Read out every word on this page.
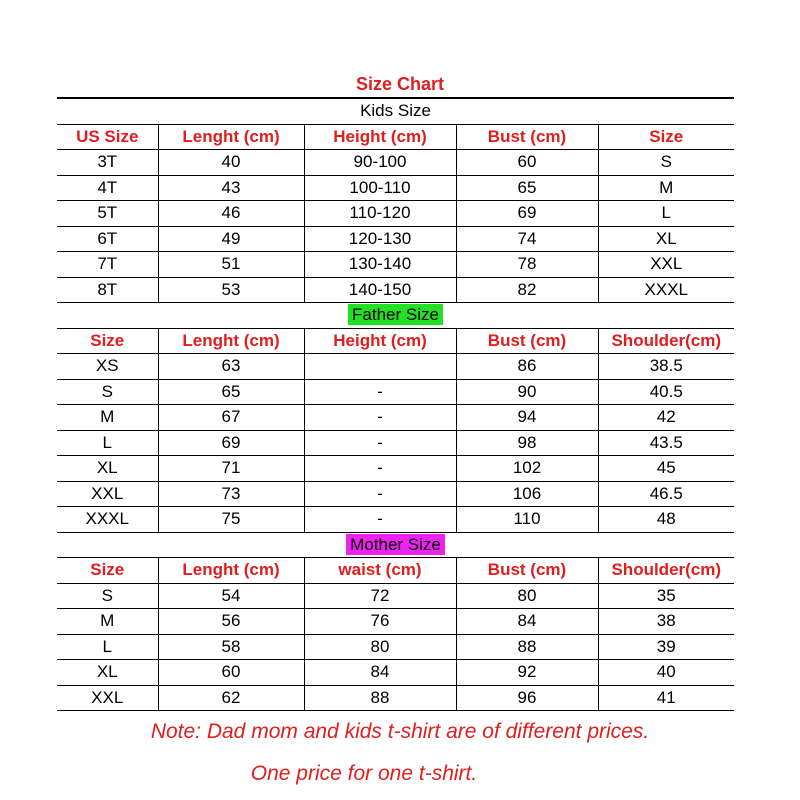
Size Chart
Kids Size				
US Size	Lenght (cm)	Height (cm)	Bust (cm)	Size
3T	40	90-100	60	S
4T	43	100-110	65	M
5T	46	110-120	69	L
6T	49	120-130	74	XL
7T	51	130-140	78	XXL
8T	53	140-150	82	XXXL
Father Size				
Size	Lenght (cm)	Height (cm)	Bust (cm)	Shoulder(cm)
XS	63		86	38.5
S	65	-	90	40.5
M	67	-	94	42
L	69	-	98	43.5
XL	71	-	102	45
XXL	73	-	106	46.5
XXXL	75	-	110	48
Mother Size				
Size	Lenght (cm)	waist (cm)	Bust (cm)	Shoulder(cm)
S	54	72	80	35
M	56	76	84	38
L	58	80	88	39
XL	60	84	92	40
XXL	62	88	96	41
Note: Dad mom and kids t-shirt are of different prices.
One price for one t-shirt.
